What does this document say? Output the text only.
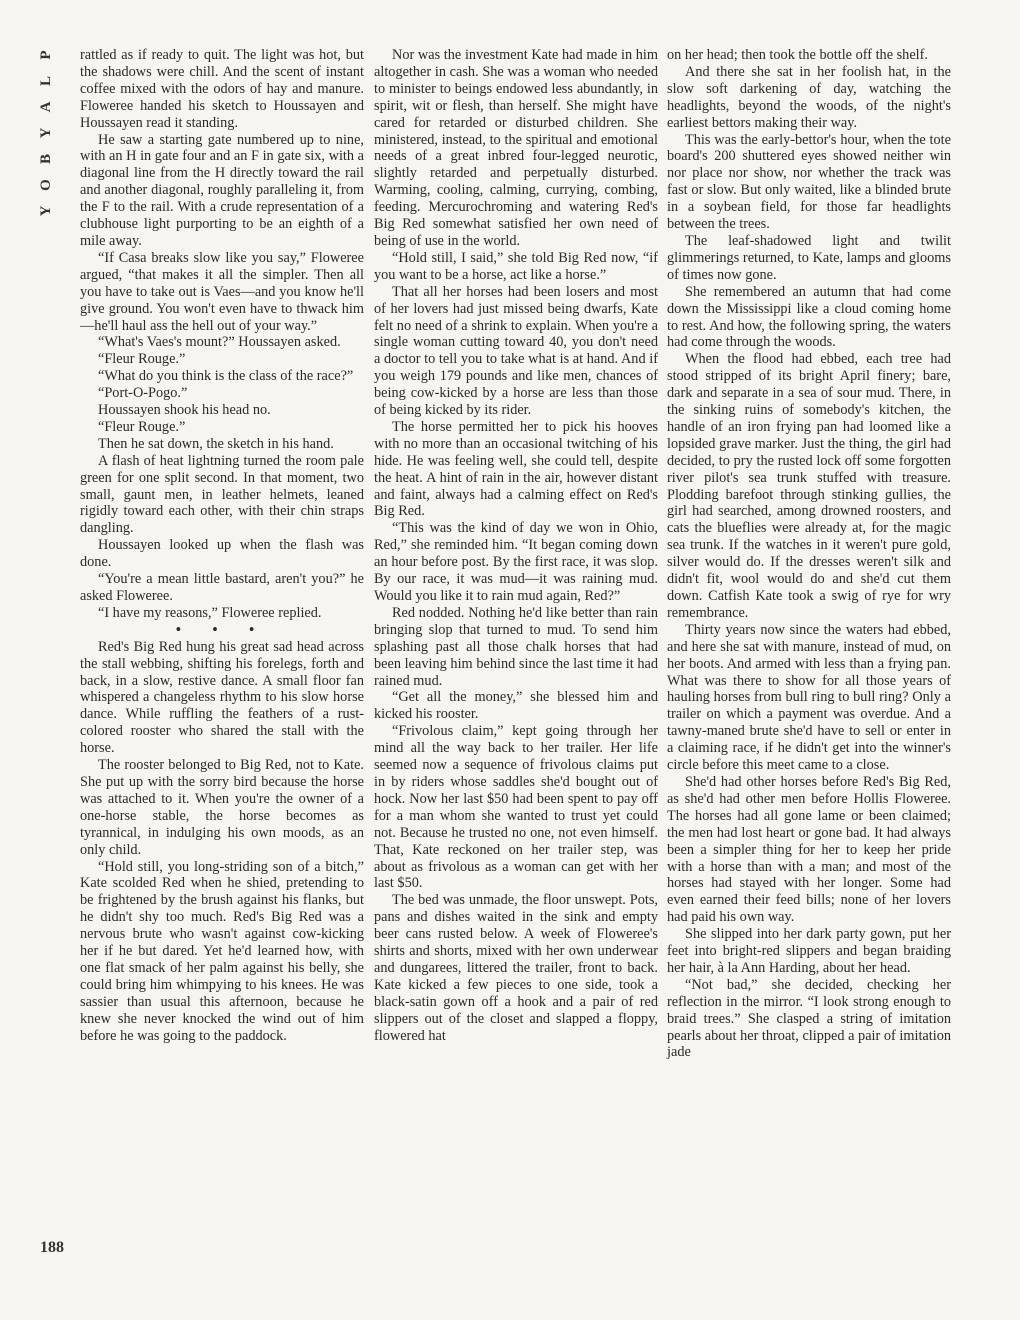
P
L
A
Y
B
O
Y
188

rattled as if ready to quit. The light was hot, but the shadows were chill. And the scent of instant coffee mixed with the odors of hay and manure. Floweree handed his sketch to Houssayen and Houssayen read it standing.

He saw a starting gate numbered up to nine, with an H in gate four and an F in gate six, with a diagonal line from the H directly toward the rail and another diagonal, roughly paralleling it, from the F to the rail. With a crude representation of a clubhouse light purporting to be an eighth of a mile away.

“If Casa breaks slow like you say,” Floweree argued, “that makes it all the simpler. Then all you have to take out is Vaes—and you know he'll give ground. You won't even have to thwack him—he'll haul ass the hell out of your way.”

“What's Vaes's mount?” Houssayen asked.

“Fleur Rouge.”

“What do you think is the class of the race?”

“Port-O-Pogo.”

Houssayen shook his head no.

“Fleur Rouge.”

Then he sat down, the sketch in his hand.

A flash of heat lightning turned the room pale green for one split second. In that moment, two small, gaunt men, in leather helmets, leaned rigidly toward each other, with their chin straps dangling.

Houssayen looked up when the flash was done.

“You're a mean little bastard, aren't you?” he asked Floweree.

“I have my reasons,” Floweree replied.

• • •

Red's Big Red hung his great sad head across the stall webbing, shifting his forelegs, forth and back, in a slow, restive dance. A small floor fan whispered a changeless rhythm to his slow horse dance. While ruffling the feathers of a rust-colored rooster who shared the stall with the horse.

The rooster belonged to Big Red, not to Kate. She put up with the sorry bird because the horse was attached to it. When you're the owner of a one-horse stable, the horse becomes as tyrannical, in indulging his own moods, as an only child.

“Hold still, you long-striding son of a bitch,” Kate scolded Red when he shied, pretending to be frightened by the brush against his flanks, but he didn't shy too much. Red's Big Red was a nervous brute who wasn't against cow-kicking her if he but dared. Yet he'd learned how, with one flat smack of her palm against his belly, she could bring him whimpying to his knees. He was sassier than usual this afternoon, because he knew she never knocked the wind out of him before he was going to the paddock.

Nor was the investment Kate had made in him altogether in cash. She was a woman who needed to minister to beings endowed less abundantly, in spirit, wit or flesh, than herself. She might have cared for retarded or disturbed children. She ministered, instead, to the spiritual and emotional needs of a great inbred four-legged neurotic, slightly retarded and perpetually disturbed. Warming, cooling, calming, currying, combing, feeding. Mercurochroming and watering Red's Big Red somewhat satisfied her own need of being of use in the world.

“Hold still, I said,” she told Big Red now, “if you want to be a horse, act like a horse.”

That all her horses had been losers and most of her lovers had just missed being dwarfs, Kate felt no need of a shrink to explain. When you're a single woman cutting toward 40, you don't need a doctor to tell you to take what is at hand. And if you weigh 179 pounds and like men, chances of being cow-kicked by a horse are less than those of being kicked by its rider.

The horse permitted her to pick his hooves with no more than an occasional twitching of his hide. He was feeling well, she could tell, despite the heat. A hint of rain in the air, however distant and faint, always had a calming effect on Red's Big Red.

“This was the kind of day we won in Ohio, Red,” she reminded him. “It began coming down an hour before post. By the first race, it was slop. By our race, it was mud—it was raining mud. Would you like it to rain mud again, Red?”

Red nodded. Nothing he'd like better than rain bringing slop that turned to mud. To send him splashing past all those chalk horses that had been leaving him behind since the last time it had rained mud.

“Get all the money,” she blessed him and kicked his rooster.

“Frivolous claim,” kept going through her mind all the way back to her trailer. Her life seemed now a sequence of frivolous claims put in by riders whose saddles she'd bought out of hock. Now her last $50 had been spent to pay off for a man whom she wanted to trust yet could not. Because he trusted no one, not even himself. That, Kate reckoned on her trailer step, was about as frivolous as a woman can get with her last $50.

The bed was unmade, the floor unswept. Pots, pans and dishes waited in the sink and empty beer cans rusted below. A week of Floweree's shirts and shorts, mixed with her own underwear and dungarees, littered the trailer, front to back. Kate kicked a few pieces to one side, took a black-satin gown off a hook and a pair of red slippers out of the closet and slapped a floppy, flowered hat

on her head; then took the bottle off the shelf.

And there she sat in her foolish hat, in the slow soft darkening of day, watching the headlights, beyond the woods, of the night's earliest bettors making their way.

This was the early-bettor's hour, when the tote board's 200 shuttered eyes showed neither win nor place nor show, nor whether the track was fast or slow. But only waited, like a blinded brute in a soybean field, for those far headlights between the trees.

The leaf-shadowed light and twilit glimmerings returned, to Kate, lamps and glooms of times now gone.

She remembered an autumn that had come down the Mississippi like a cloud coming home to rest. And how, the following spring, the waters had come through the woods.

When the flood had ebbed, each tree had stood stripped of its bright April finery; bare, dark and separate in a sea of sour mud. There, in the sinking ruins of somebody's kitchen, the handle of an iron frying pan had loomed like a lopsided grave marker. Just the thing, the girl had decided, to pry the rusted lock off some forgotten river pilot's sea trunk stuffed with treasure. Plodding barefoot through stinking gullies, the girl had searched, among drowned roosters, and cats the blueflies were already at, for the magic sea trunk. If the watches in it weren't pure gold, silver would do. If the dresses weren't silk and didn't fit, wool would do and she'd cut them down. Catfish Kate took a swig of rye for wry remembrance.

Thirty years now since the waters had ebbed, and here she sat with manure, instead of mud, on her boots. And armed with less than a frying pan. What was there to show for all those years of hauling horses from bull ring to bull ring? Only a trailer on which a payment was overdue. And a tawny-maned brute she'd have to sell or enter in a claiming race, if he didn't get into the winner's circle before this meet came to a close.

She'd had other horses before Red's Big Red, as she'd had other men before Hollis Floweree. The horses had all gone lame or been claimed; the men had lost heart or gone bad. It had always been a simpler thing for her to keep her pride with a horse than with a man; and most of the horses had stayed with her longer. Some had even earned their feed bills; none of her lovers had paid his own way.

She slipped into her dark party gown, put her feet into bright-red slippers and began braiding her hair, à la Ann Harding, about her head.

“Not bad,” she decided, checking her reflection in the mirror. “I look strong enough to braid trees.” She clasped a string of imitation pearls about her throat, clipped a pair of imitation jade
